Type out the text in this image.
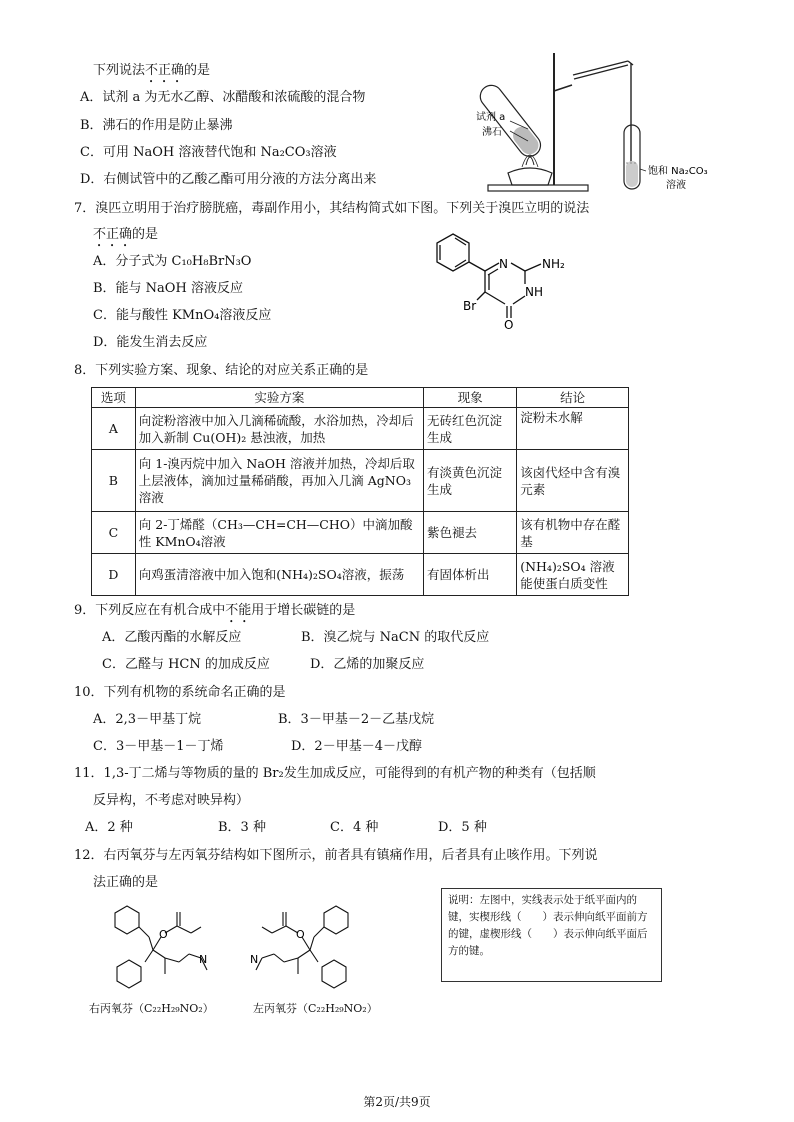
下列说法不正确的是
A．试剂 a 为无水乙醇、冰醋酸和浓硫酸的混合物
B．沸石的作用是防止暴沸
C．可用 NaOH 溶液替代饱和 Na₂CO₃溶液
D．右侧试管中的乙酸乙酯可用分液的方法分离出来
试剂 a
沸石
饱和 Na₂CO₃
溶液
7．溴匹立明用于治疗膀胱癌，毒副作用小，其结构简式如下图。下列关于溴匹立明的说法
不正确的是
A．分子式为 C₁₀H₈BrN₃O
B．能与 NaOH 溶液反应
C．能与酸性 KMnO₄溶液反应
D．能发生消去反应
N	NH₂
NH
Br
O
8．下列实验方案、现象、结论的对应关系正确的是
选项	实验方案	现象	结论
A	向淀粉溶液中加入几滴稀硫酸，水浴加热，冷却后加入新制 Cu(OH)₂ 悬浊液，加热	无砖红色沉淀生成	淀粉未水解
B	向 1-溴丙烷中加入 NaOH 溶液并加热，冷却后取上层液体，滴加过量稀硝酸，再加入几滴 AgNO₃溶液	有淡黄色沉淀生成	该卤代烃中含有溴元素
C	向 2-丁烯醛（CH₃—CH=CH—CHO）中滴加酸性 KMnO₄溶液	紫色褪去	该有机物中存在醛基
D	向鸡蛋清溶液中加入饱和(NH₄)₂SO₄溶液，振荡	有固体析出	(NH₄)₂SO₄ 溶液能使蛋白质变性
9．下列反应在有机合成中不能用于增长碳链的是
A．乙酸丙酯的水解反应	B．溴乙烷与 NaCN 的取代反应
C．乙醛与 HCN 的加成反应	D．乙烯的加聚反应
10．下列有机物的系统命名正确的是
A．2,3－甲基丁烷	B．3－甲基－2－乙基戊烷
C．3－甲基－1－丁烯	D．2－甲基－4－戊醇
11．1,3-丁二烯与等物质的量的 Br₂发生加成反应，可能得到的有机产物的种类有（包括顺
反异构，不考虑对映异构）
A．2 种	B．3 种	C．4 种	D．5 种
12．右丙氧芬与左丙氧芬结构如下图所示，前者具有镇痛作用，后者具有止咳作用。下列说
法正确的是
O
N
右丙氧芬（C₂₂H₂₉NO₂）
O
N
左丙氧芬（C₂₂H₂₉NO₂）
说明：左图中，实线表示处于纸平面内的键，实楔形线（　　）表示伸向纸平面前方的键，虚楔形线（　　）表示伸向纸平面后方的键。
第2页/共9页
